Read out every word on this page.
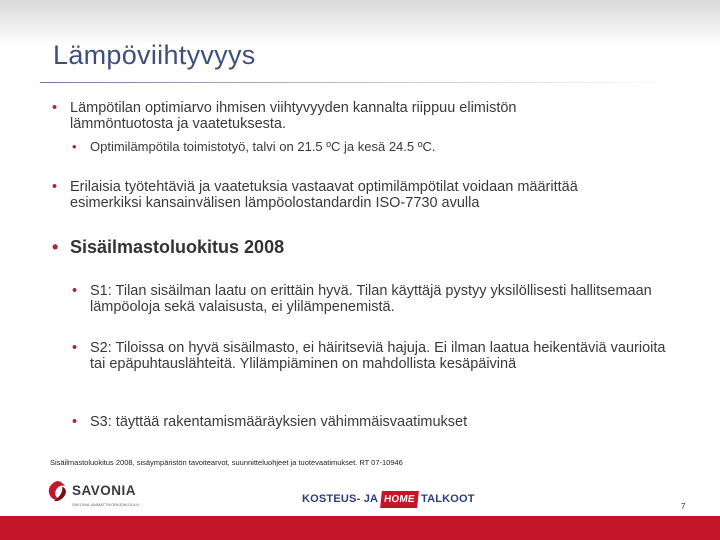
Lämpöviihtyvyys
• Lämpötilan optimiarvo ihmisen viihtyvyyden kannalta riippuu elimistön lämmöntuotosta ja vaatetuksesta.
•	Optimilämpötila toimistotyö, talvi on 21.5 ºC ja kesä 24.5 ºC.
• Erilaisia työtehtäviä ja vaatetuksia vastaavat optimilämpötilat voidaan määrittää esimerkiksi kansainvälisen lämpöolostandardin ISO-7730 avulla
• Sisäilmastoluokitus 2008
• S1: Tilan sisäilman laatu on erittäin hyvä. Tilan käyttäjä pystyy yksilöllisesti hallitsemaan lämpöoloja sekä valaisusta, ei ylilämpenemistä.
• S2: Tiloissa on hyvä sisäilmasto, ei häiritseviä hajuja. Ei ilman laatua heikentäviä vaurioita tai epäpuhtauslähteitä. Ylilämpiäminen on mahdollista kesäpäivinä
• S3: täyttää rakentamismääräyksien vähimmäisvaatimukset
Sisäilmastoluokitus 2008, sisäympäristön tavoitearvot, suunnitteluohjeet ja tuotevaatimukset. RT 07-10946
SAVONIA
SAVONIA-AMMATTIKORKEAKOULU	KOSTEUS- JA HOME TALKOOT
7
